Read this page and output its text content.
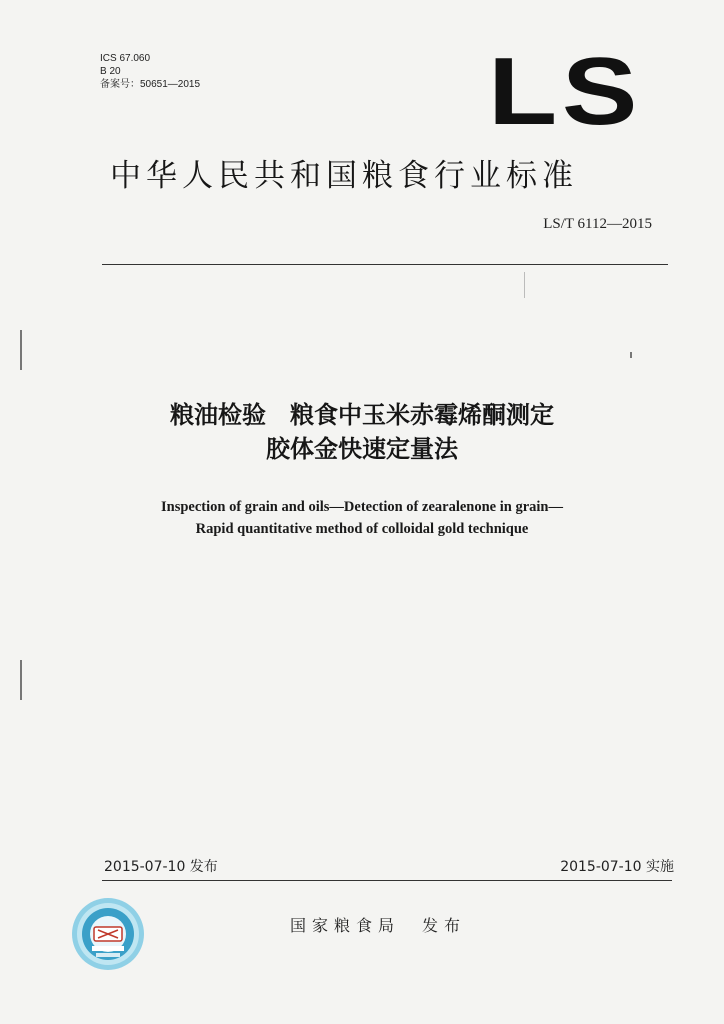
ICS 67.060
B 20
备案号：50651—2015	LS
中华人民共和国粮食行业标准
LS/T 6112—2015
粮油检验　粮食中玉米赤霉烯酮测定
胶体金快速定量法
Inspection of grain and oils—Detection of zearalenone in grain—
Rapid quantitative method of colloidal gold technique
2015-07-10 发布	2015-07-10 实施
国家粮食局　发布
